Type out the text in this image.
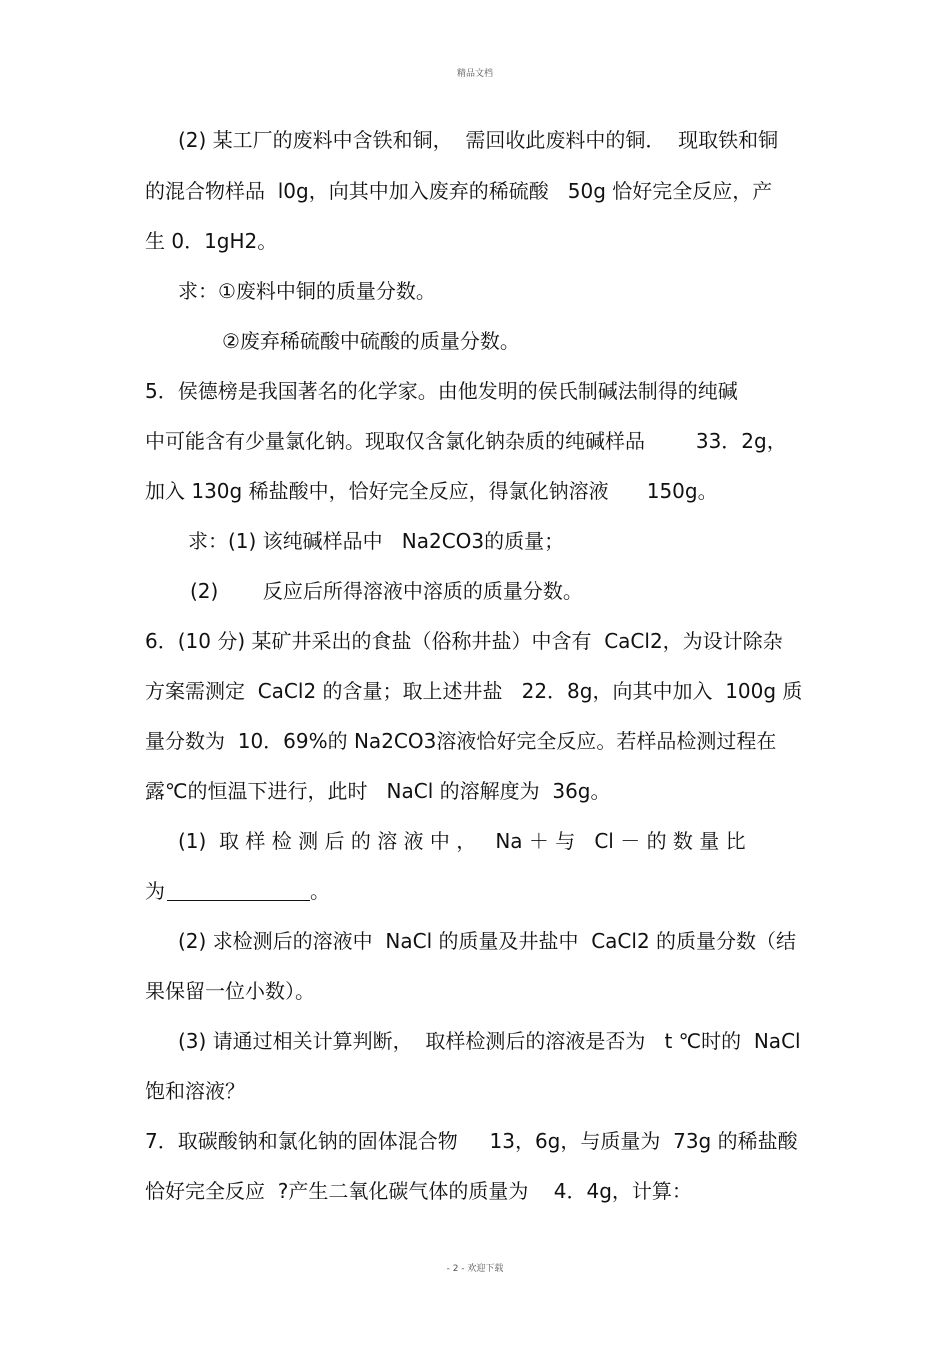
精品文档
(2) 某工厂的废料中含铁和铜，  需回收此废料中的铜．  现取铁和铜
的混合物样品  l0g，向其中加入废弃的稀硫酸   50g 恰好完全反应，产
生 0．1gH2。
求：①废料中铜的质量分数。
②废弃稀硫酸中硫酸的质量分数。
5．侯德榜是我国著名的化学家。由他发明的侯氏制碱法制得的纯碱
中可能含有少量氯化钠。现取仅含氯化钠杂质的纯碱样品        33．2g，
加入 130g 稀盐酸中，恰好完全反应，得氯化钠溶液      150g。
求：(1) 该纯碱样品中   Na2CO3的质量；
(2)       反应后所得溶液中溶质的质量分数。
6．(10 分) 某矿井采出的食盐（俗称井盐）中含有  CaCl2，为设计除杂
方案需测定  CaCl2 的含量；取上述井盐   22．8g，向其中加入  100g 质
量分数为  10．69%的 Na2CO3溶液恰好完全反应。若样品检测过程在
露℃的恒温下进行，此时   NaCl 的溶解度为  36g。
(1)  取 样 检 测 后 的 溶 液 中 ，   Na ＋ 与   Cl － 的 数 量 比
为	。
(2) 求检测后的溶液中  NaCl 的质量及井盐中  CaCl2 的质量分数（结
果保留一位小数）。
(3) 请通过相关计算判断，  取样检测后的溶液是否为   t ℃时的  NaCl
饱和溶液？
7．取碳酸钠和氯化钠的固体混合物     13，6g，与质量为  73g 的稀盐酸
恰好完全反应  ?产生二氧化碳气体的质量为    4．4g，计算：
- 2 - 欢迎下载
